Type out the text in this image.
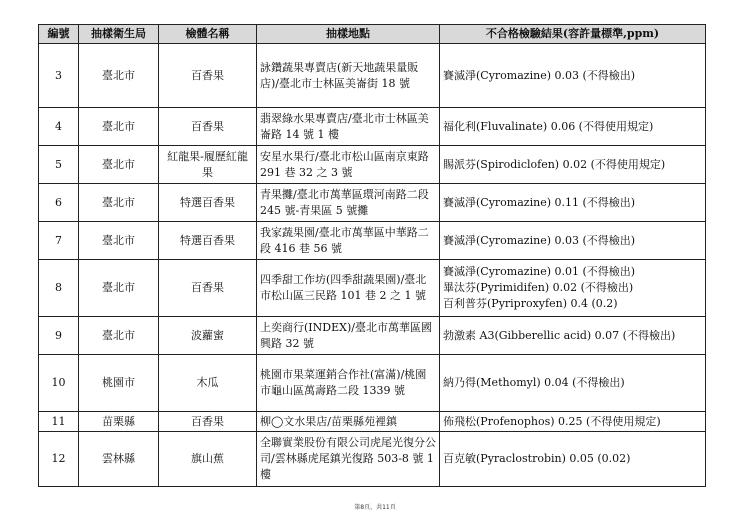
編號	抽樣衛生局	檢體名稱	抽樣地點	不合格檢驗結果(容許量標準,ppm)
3	臺北市	百香果	詠鑽蔬果專賣店(新天地蔬果量販店)/臺北市士林區美崙街 18 號	賽滅淨(Cyromazine) 0.03 (不得檢出)

4	臺北市	百香果	翡翠綠水果專賣店/臺北市士林區美崙路 14 號 1 樓	福化利(Fluvalinate) 0.06 (不得使用規定)

5	臺北市	紅龍果-履歷紅龍果	安星水果行/臺北市松山區南京東路 291 巷 32 之 3 號	賜派芬(Spirodiclofen) 0.02 (不得使用規定)

6	臺北市	特選百香果	青果攤/臺北市萬華區環河南路二段 245 號-青果區 5 號攤	賽滅淨(Cyromazine) 0.11 (不得檢出)

7	臺北市	特選百香果	我家蔬果園/臺北市萬華區中華路二段 416 巷 56 號	賽滅淨(Cyromazine) 0.03 (不得檢出)

8	臺北市	百香果	四季甜工作坊(四季甜蔬果園)/臺北市松山區三民路 101 巷 2 之 1 號	賽滅淨(Cyromazine) 0.01 (不得檢出)
畢汰芬(Pyrimidifen) 0.02 (不得檢出)
百利普芬(Pyriproxyfen) 0.4 (0.2)

9	臺北市	波蘿蜜	上奕商行(INDEX)/臺北市萬華區國興路 32 號	勃激素 A3(Gibberellic acid) 0.07 (不得檢出)

10	桃園市	木瓜	桃園市果菜運銷合作社(富滿)/桃園市龜山區萬壽路二段 1339 號	納乃得(Methomyl) 0.04 (不得檢出)

11	苗栗縣	百香果	柳◯文水果店/苗栗縣苑裡鎮	佈飛松(Profenophos) 0.25 (不得使用規定)

12	雲林縣	旗山蕉	全聯實業股份有限公司虎尾光復分公司/雲林縣虎尾鎮光復路 503-8 號 1 樓	百克敏(Pyraclostrobin) 0.05 (0.02)
第8頁，共11頁
